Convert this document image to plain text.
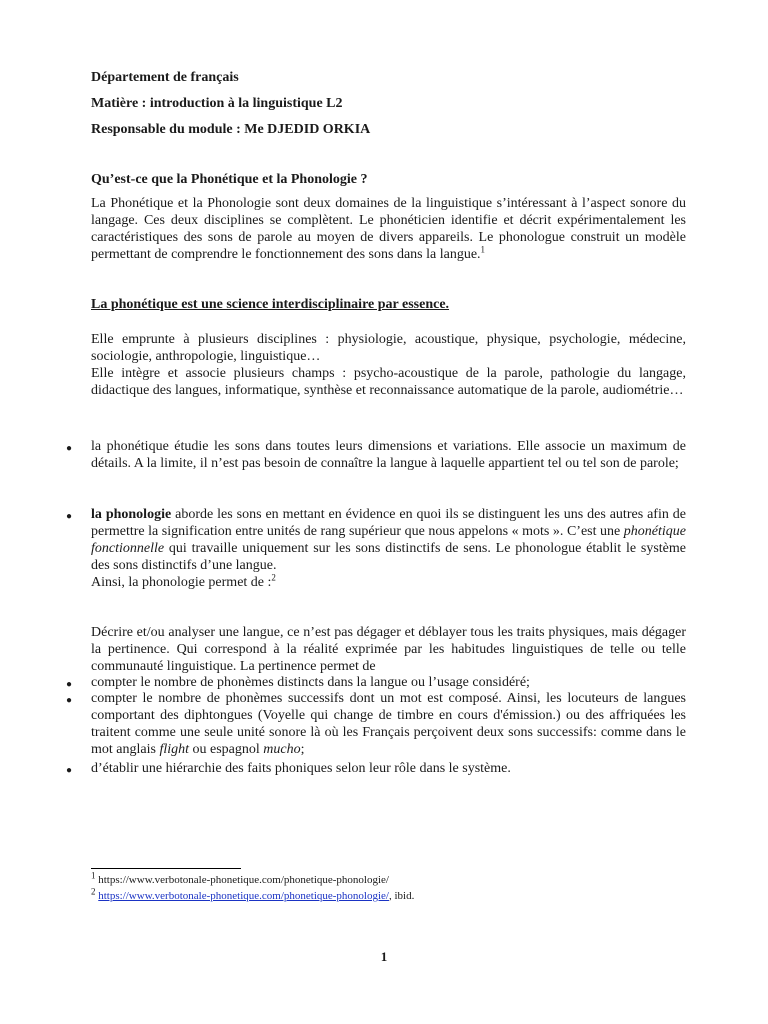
Département de français
Matière : introduction à la linguistique L2
Responsable du module : Me DJEDID ORKIA
Qu’est-ce que la Phonétique et la Phonologie ?
La Phonétique et la Phonologie sont deux domaines de la linguistique s’intéressant à l’aspect sonore du langage. Ces deux disciplines se complètent. Le phonéticien identifie et décrit expérimentalement les caractéristiques des sons de parole au moyen de divers appareils. Le phonologue construit un modèle permettant de comprendre le fonctionnement des sons dans la langue.$^1$
La phonétique est une science interdisciplinaire par essence.
Elle emprunte à plusieurs disciplines : physiologie, acoustique, physique, psychologie, médecine, sociologie, anthropologie, linguistique…
Elle intègre et associe plusieurs champs : psycho-acoustique de la parole, pathologie du langage, didactique des langues, informatique, synthèse et reconnaissance automatique de la parole, audiométrie…
● la phonétique étudie les sons dans toutes leurs dimensions et variations. Elle associe un maximum de détails. A la limite, il n’est pas besoin de connaître la langue à laquelle appartient tel ou tel son de parole;
● la phonologie aborde les sons en mettant en évidence en quoi ils se distinguent les uns des autres afin de permettre la signification entre unités de rang supérieur que nous appelons « mots ». C’est une phonétique fonctionnelle qui travaille uniquement sur les sons distinctifs de sens. Le phonologue établit le système des sons distinctifs d’une langue.
Ainsi, la phonologie permet de :$^2$
Décrire et/ou analyser une langue, ce n’est pas dégager et déblayer tous les traits physiques, mais dégager la pertinence. Qui correspond à la réalité exprimée par les habitudes linguistiques de telle ou telle communauté linguistique. La pertinence permet de
● compter le nombre de phonèmes distincts dans la langue ou l’usage considéré;
● compter le nombre de phonèmes successifs dont un mot est composé. Ainsi, les locuteurs de langues comportant des diphtongues (Voyelle qui change de timbre en cours d'émission.) ou des affriquées les traitent comme une seule unité sonore là où les Français perçoivent deux sons successifs: comme dans le mot anglais flight ou espagnol mucho;
● d’établir une hiérarchie des faits phoniques selon leur rôle dans le système.
$^1$ https://www.verbotonale-phonetique.com/phonetique-phonologie/
$^2$ https://www.verbotonale-phonetique.com/phonetique-phonologie/, ibid.
1
